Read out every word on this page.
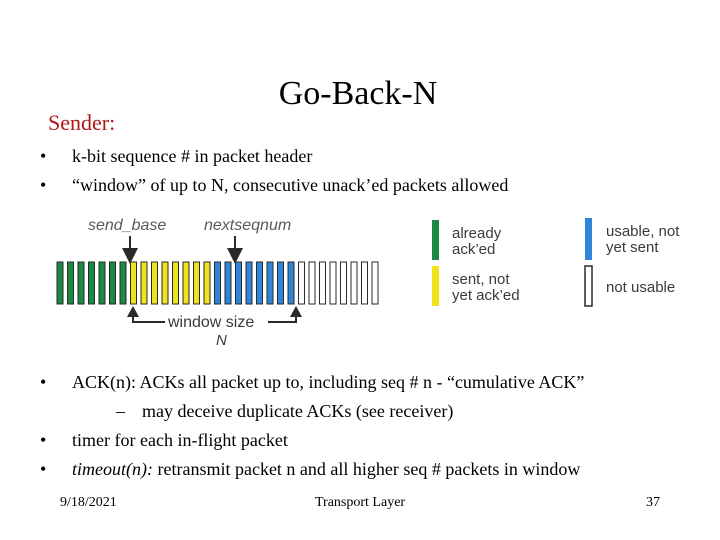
Go-Back-N
Sender:
•	k-bit sequence # in packet header
•	“window” of up to N, consecutive unack’ed packets allowed
send_base nextseqnum
window size
N
already
ack’ed
sent, not
yet ack’ed
usable, not
yet sent
not usable
•	ACK(n): ACKs all packet up to, including seq # n - “cumulative ACK”
– may deceive duplicate ACKs (see receiver)
•	timer for each in-flight packet
•	timeout(n): retransmit packet n and all higher seq # packets in window
9/18/2021	Transport Layer	37
